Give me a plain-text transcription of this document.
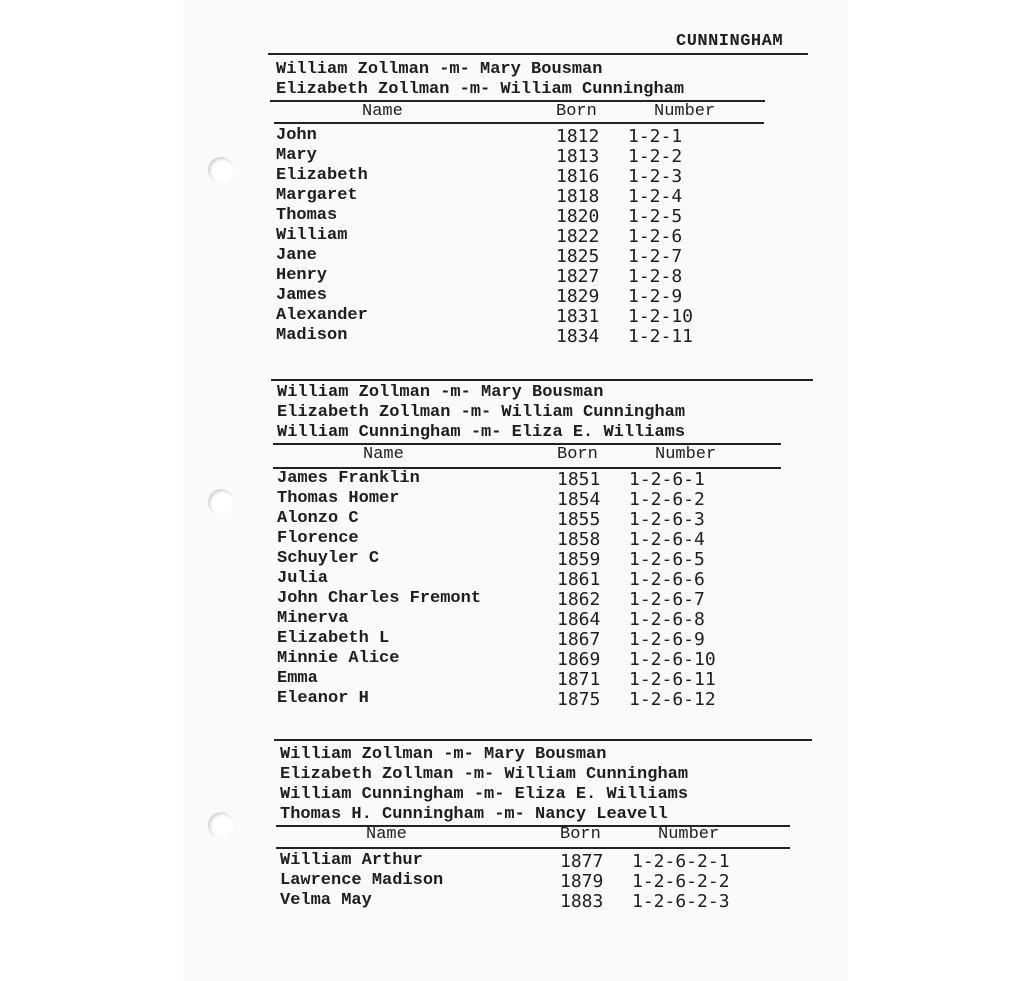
CUNNINGHAM
William Zollman -m- Mary Bousman
Elizabeth Zollman -m- William Cunningham
Name	Born	Number
John	1812 1-2-1
Mary	1813 1-2-2
Elizabeth	1816 1-2-3
Margaret	1818 1-2-4
Thomas	1820 1-2-5
William	1822 1-2-6
Jane	1825 1-2-7
Henry	1827 1-2-8
James	1829 1-2-9
Alexander	1831 1-2-10
Madison	1834 1-2-11
William Zollman -m- Mary Bousman
Elizabeth Zollman -m- William Cunningham
William Cunningham -m- Eliza E. Williams
Name	Born	Number
James Franklin	1851 1-2-6-1
Thomas Homer	1854 1-2-6-2
Alonzo C	1855 1-2-6-3
Florence	1858 1-2-6-4
Schuyler C	1859 1-2-6-5
Julia	1861 1-2-6-6
John Charles Fremont	1862 1-2-6-7
Minerva	1864 1-2-6-8
Elizabeth L	1867 1-2-6-9
Minnie Alice	1869 1-2-6-10
Emma	1871 1-2-6-11
Eleanor H	1875 1-2-6-12
William Zollman -m- Mary Bousman
Elizabeth Zollman -m- William Cunningham
William Cunningham -m- Eliza E. Williams
Thomas H. Cunningham -m- Nancy Leavell
Name	Born	Number
William Arthur	1877 1-2-6-2-1
Lawrence Madison	1879 1-2-6-2-2
Velma May	1883 1-2-6-2-3
